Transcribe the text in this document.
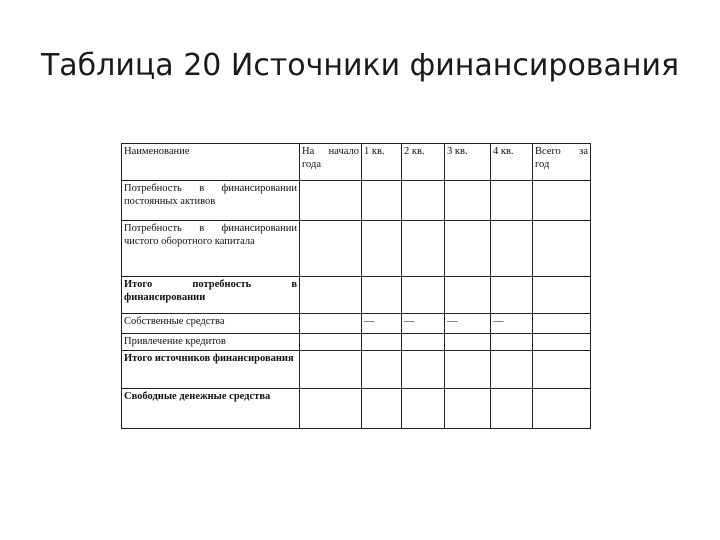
Таблица 20 Источники финансирования
Наименование	На начало года	1 кв.	2 кв.	3 кв.	4 кв.	Всего за год
Потребность в финансировании постоянных активов						
Потребность в финансировании чистого оборотного капитала						
Итого потребность в финансировании						
Собственные средства		—	—	—	—	
Привлечение кредитов						
Итого источников финансирования						
Свободные денежные средства						
